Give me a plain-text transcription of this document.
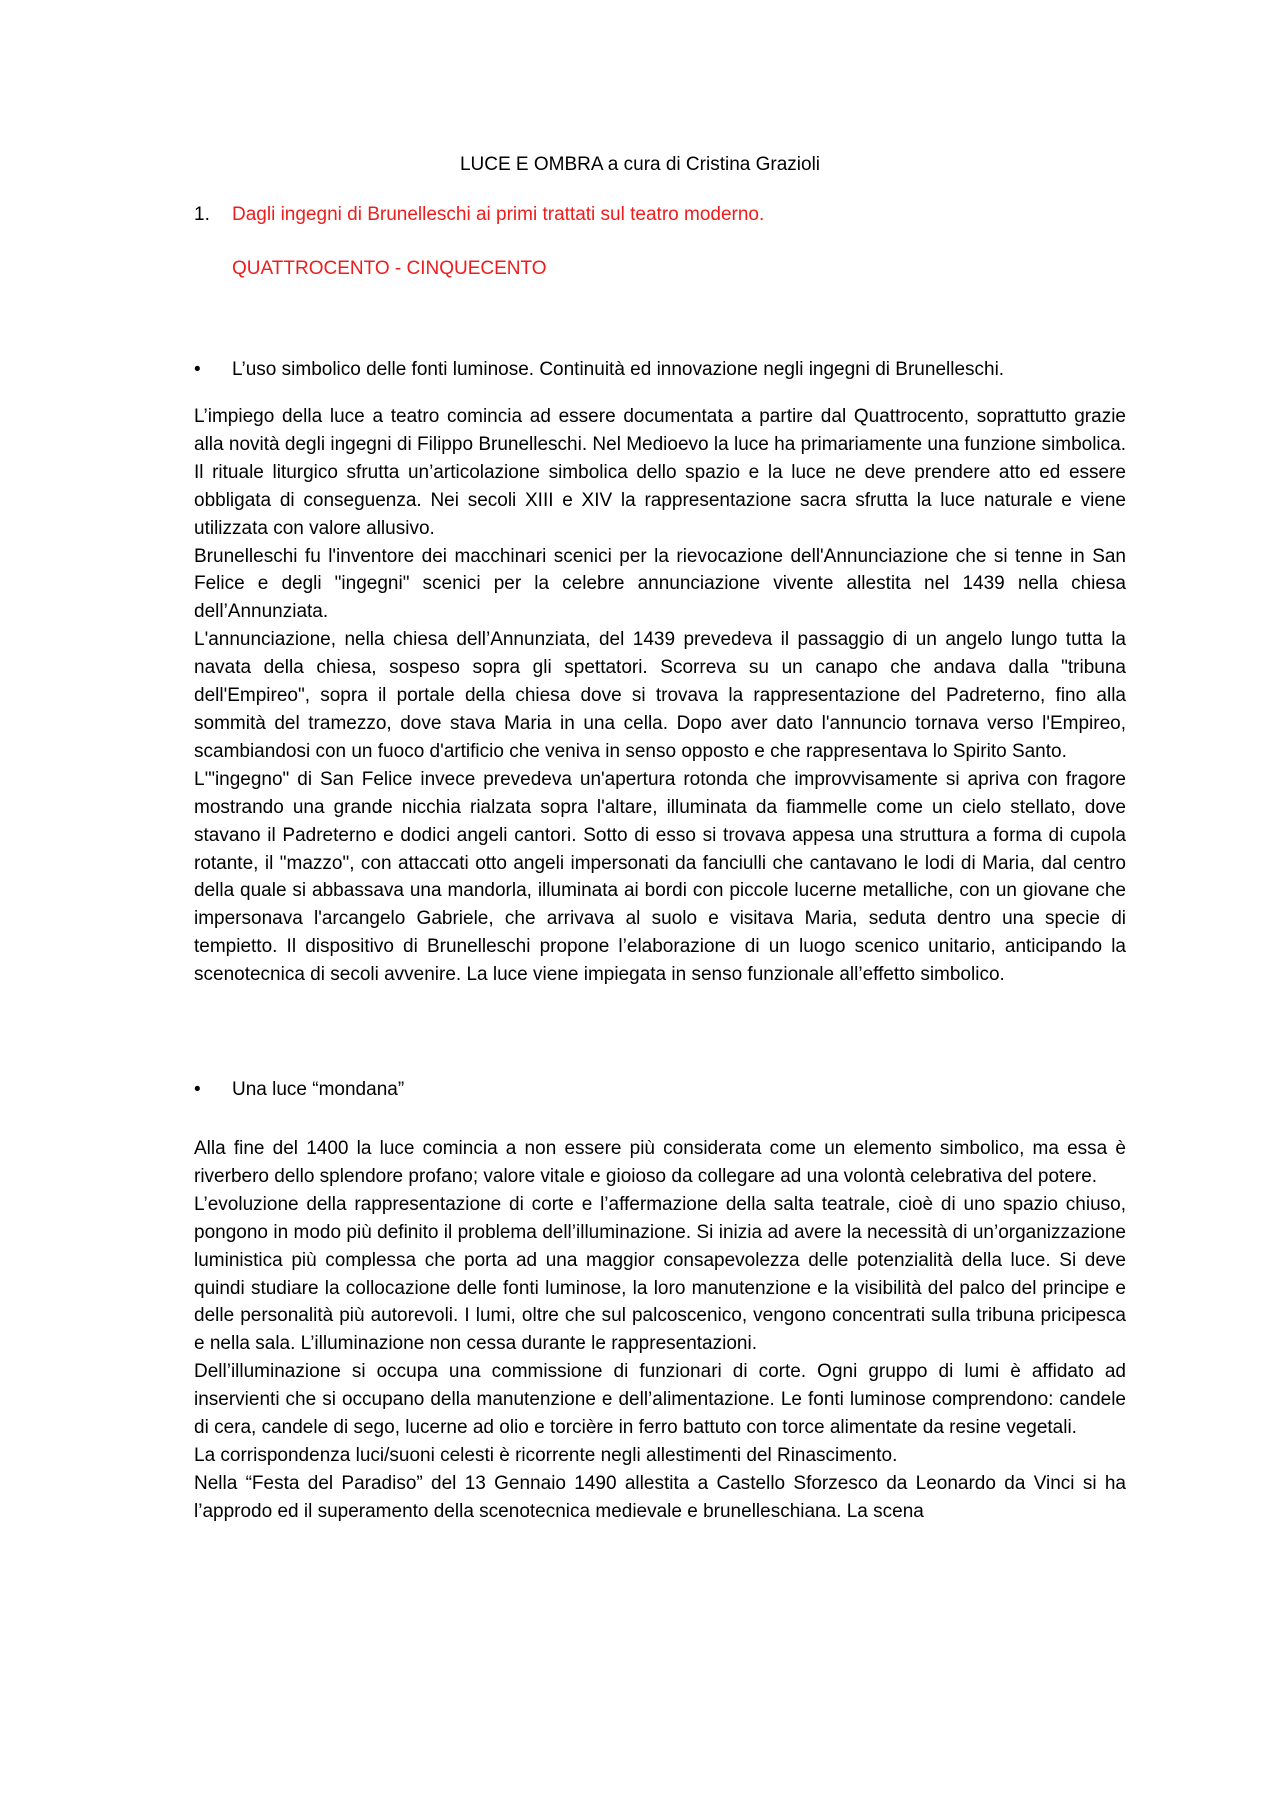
LUCE E OMBRA a cura di Cristina Grazioli
1. Dagli ingegni di Brunelleschi ai primi trattati sul teatro moderno.
QUATTROCENTO - CINQUECENTO
• L’uso simbolico delle fonti luminose. Continuità ed innovazione negli ingegni di Brunelleschi.
L’impiego della luce a teatro comincia ad essere documentata a partire dal Quattrocento, soprattutto grazie alla novità degli ingegni di Filippo Brunelleschi. Nel Medioevo la luce ha primariamente una funzione simbolica. Il rituale liturgico sfrutta un’articolazione simbolica dello spazio e la luce ne deve prendere atto ed essere obbligata di conseguenza. Nei secoli XIII e XIV la rappresentazione sacra sfrutta la luce naturale e viene utilizzata con valore allusivo.
Brunelleschi fu l'inventore dei macchinari scenici per la rievocazione dell'Annunciazione che si tenne in San Felice e degli "ingegni" scenici per la celebre annunciazione vivente allestita nel 1439 nella chiesa dell’Annunziata.
L'annunciazione, nella chiesa dell’Annunziata, del 1439 prevedeva il passaggio di un angelo lungo tutta la navata della chiesa, sospeso sopra gli spettatori. Scorreva su un canapo che andava dalla "tribuna dell'Empireo", sopra il portale della chiesa dove si trovava la rappresentazione del Padreterno, fino alla sommità del tramezzo, dove stava Maria in una cella. Dopo aver dato l'annuncio tornava verso l'Empireo, scambiandosi con un fuoco d'artificio che veniva in senso opposto e che rappresentava lo Spirito Santo.
L'"ingegno" di San Felice invece prevedeva un'apertura rotonda che improvvisamente si apriva con fragore mostrando una grande nicchia rialzata sopra l'altare, illuminata da fiammelle come un cielo stellato, dove stavano il Padreterno e dodici angeli cantori. Sotto di esso si trovava appesa una struttura a forma di cupola rotante, il "mazzo", con attaccati otto angeli impersonati da fanciulli che cantavano le lodi di Maria, dal centro della quale si abbassava una mandorla, illuminata ai bordi con piccole lucerne metalliche, con un giovane che impersonava l'arcangelo Gabriele, che arrivava al suolo e visitava Maria, seduta dentro una specie di tempietto. Il dispositivo di Brunelleschi propone l’elaborazione di un luogo scenico unitario, anticipando la scenotecnica di secoli avvenire. La luce viene impiegata in senso funzionale all’effetto simbolico.
• Una luce “mondana”
Alla fine del 1400 la luce comincia a non essere più considerata come un elemento simbolico, ma essa è riverbero dello splendore profano; valore vitale e gioioso da collegare ad una volontà celebrativa del potere.
L’evoluzione della rappresentazione di corte e l’affermazione della salta teatrale, cioè di uno spazio chiuso, pongono in modo più definito il problema dell’illuminazione. Si inizia ad avere la necessità di un’organizzazione luministica più complessa che porta ad una maggior consapevolezza delle potenzialità della luce. Si deve quindi studiare la collocazione delle fonti luminose, la loro manutenzione e la visibilità del palco del principe e delle personalità più autorevoli. I lumi, oltre che sul palcoscenico, vengono concentrati sulla tribuna pricipesca e nella sala. L’illuminazione non cessa durante le rappresentazioni.
Dell’illuminazione si occupa una commissione di funzionari di corte. Ogni gruppo di lumi è affidato ad inservienti che si occupano della manutenzione e dell’alimentazione. Le fonti luminose comprendono: candele di cera, candele di sego, lucerne ad olio e torcière in ferro battuto con torce alimentate da resine vegetali.
La corrispondenza luci/suoni celesti è ricorrente negli allestimenti del Rinascimento.
Nella “Festa del Paradiso” del 13 Gennaio 1490 allestita a Castello Sforzesco da Leonardo da Vinci si ha l’approdo ed il superamento della scenotecnica medievale e brunelleschiana. La scena
